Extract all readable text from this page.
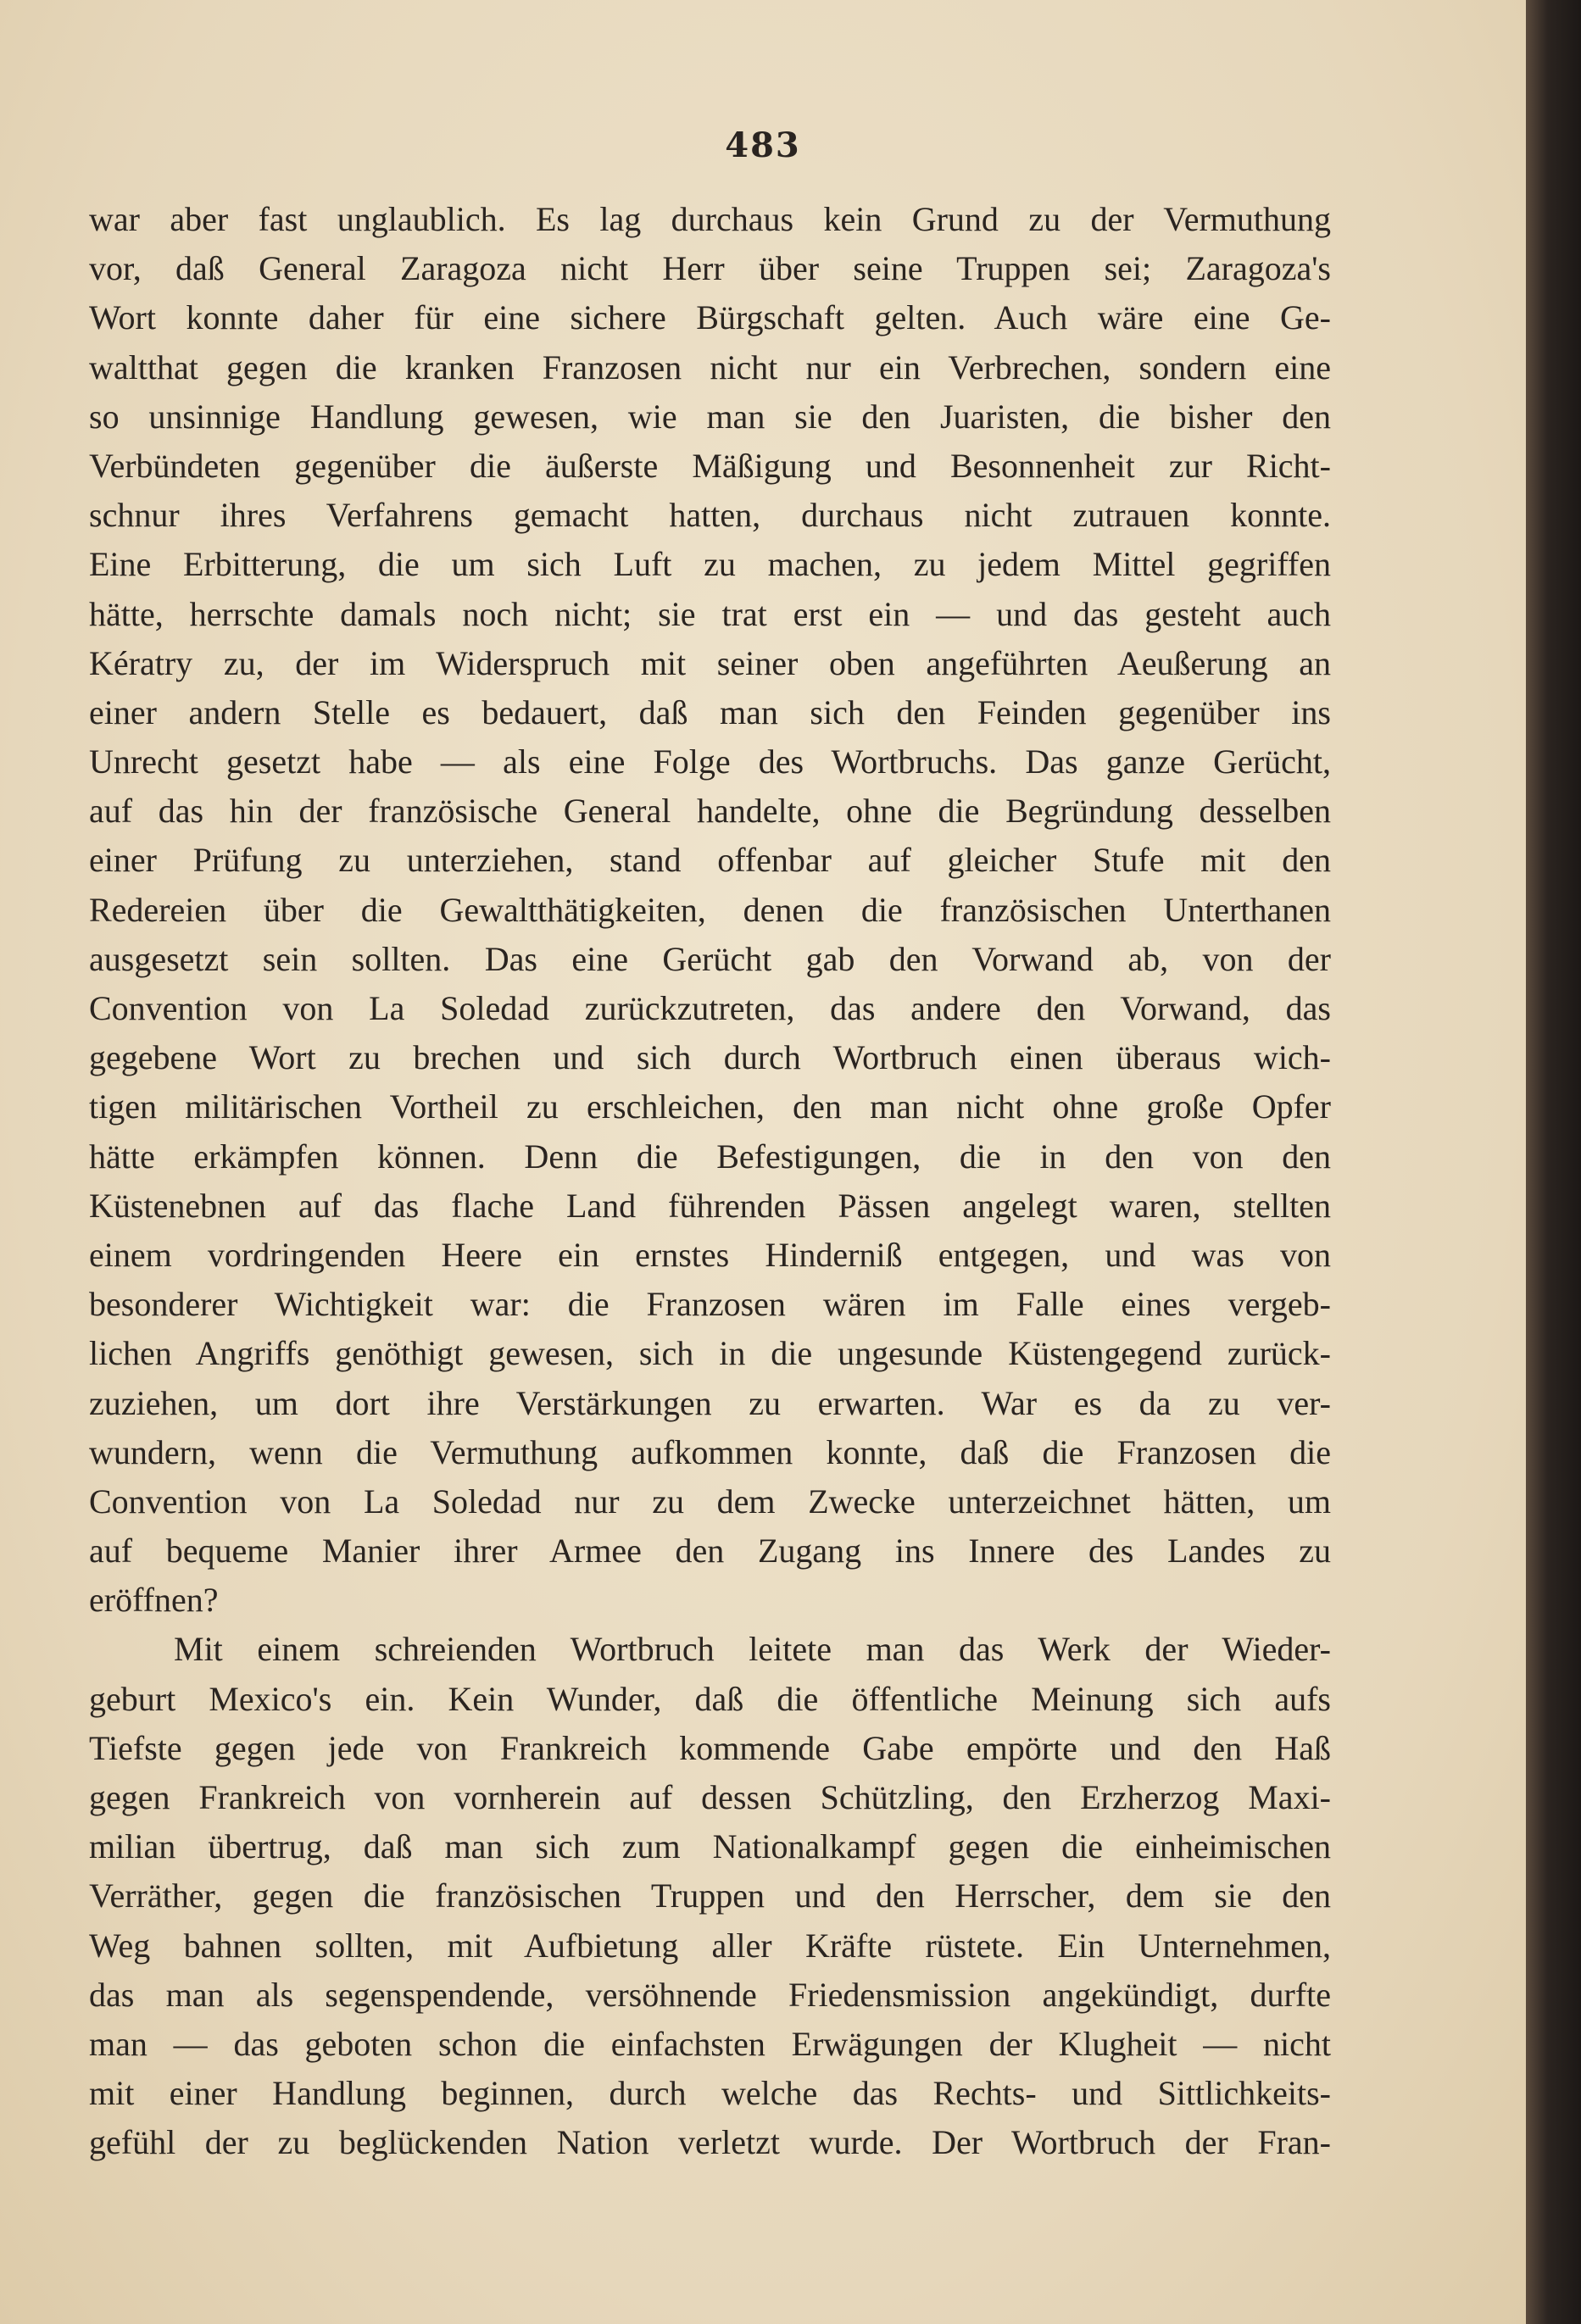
483
war aber fast unglaublich. Es lag durchaus kein Grund zu der Vermuthung
vor, daß General Zaragoza nicht Herr über seine Truppen sei; Zaragoza's
Wort konnte daher für eine sichere Bürgschaft gelten. Auch wäre eine Ge-
waltthat gegen die kranken Franzosen nicht nur ein Verbrechen, sondern eine
so unsinnige Handlung gewesen, wie man sie den Juaristen, die bisher den
Verbündeten gegenüber die äußerste Mäßigung und Besonnenheit zur Richt-
schnur ihres Verfahrens gemacht hatten, durchaus nicht zutrauen konnte.
Eine Erbitterung, die um sich Luft zu machen, zu jedem Mittel gegriffen
hätte, herrschte damals noch nicht; sie trat erst ein — und das gesteht auch
Kératry zu, der im Widerspruch mit seiner oben angeführten Aeußerung an
einer andern Stelle es bedauert, daß man sich den Feinden gegenüber ins
Unrecht gesetzt habe — als eine Folge des Wortbruchs. Das ganze Gerücht,
auf das hin der französische General handelte, ohne die Begründung desselben
einer Prüfung zu unterziehen, stand offenbar auf gleicher Stufe mit den
Redereien über die Gewaltthätigkeiten, denen die französischen Unterthanen
ausgesetzt sein sollten. Das eine Gerücht gab den Vorwand ab, von der
Convention von La Soledad zurückzutreten, das andere den Vorwand, das
gegebene Wort zu brechen und sich durch Wortbruch einen überaus wich-
tigen militärischen Vortheil zu erschleichen, den man nicht ohne große Opfer
hätte erkämpfen können. Denn die Befestigungen, die in den von den
Küstenebnen auf das flache Land führenden Pässen angelegt waren, stellten
einem vordringenden Heere ein ernstes Hinderniß entgegen, und was von
besonderer Wichtigkeit war: die Franzosen wären im Falle eines vergeb-
lichen Angriffs genöthigt gewesen, sich in die ungesunde Küstengegend zurück-
zuziehen, um dort ihre Verstärkungen zu erwarten. War es da zu ver-
wundern, wenn die Vermuthung aufkommen konnte, daß die Franzosen die
Convention von La Soledad nur zu dem Zwecke unterzeichnet hätten, um
auf bequeme Manier ihrer Armee den Zugang ins Innere des Landes zu
eröffnen?
Mit einem schreienden Wortbruch leitete man das Werk der Wieder-
geburt Mexico's ein. Kein Wunder, daß die öffentliche Meinung sich aufs
Tiefste gegen jede von Frankreich kommende Gabe empörte und den Haß
gegen Frankreich von vornherein auf dessen Schützling, den Erzherzog Maxi-
milian übertrug, daß man sich zum Nationalkampf gegen die einheimischen
Verräther, gegen die französischen Truppen und den Herrscher, dem sie den
Weg bahnen sollten, mit Aufbietung aller Kräfte rüstete. Ein Unternehmen,
das man als segenspendende, versöhnende Friedensmission angekündigt, durfte
man — das geboten schon die einfachsten Erwägungen der Klugheit — nicht
mit einer Handlung beginnen, durch welche das Rechts- und Sittlichkeits-
gefühl der zu beglückenden Nation verletzt wurde. Der Wortbruch der Fran-
